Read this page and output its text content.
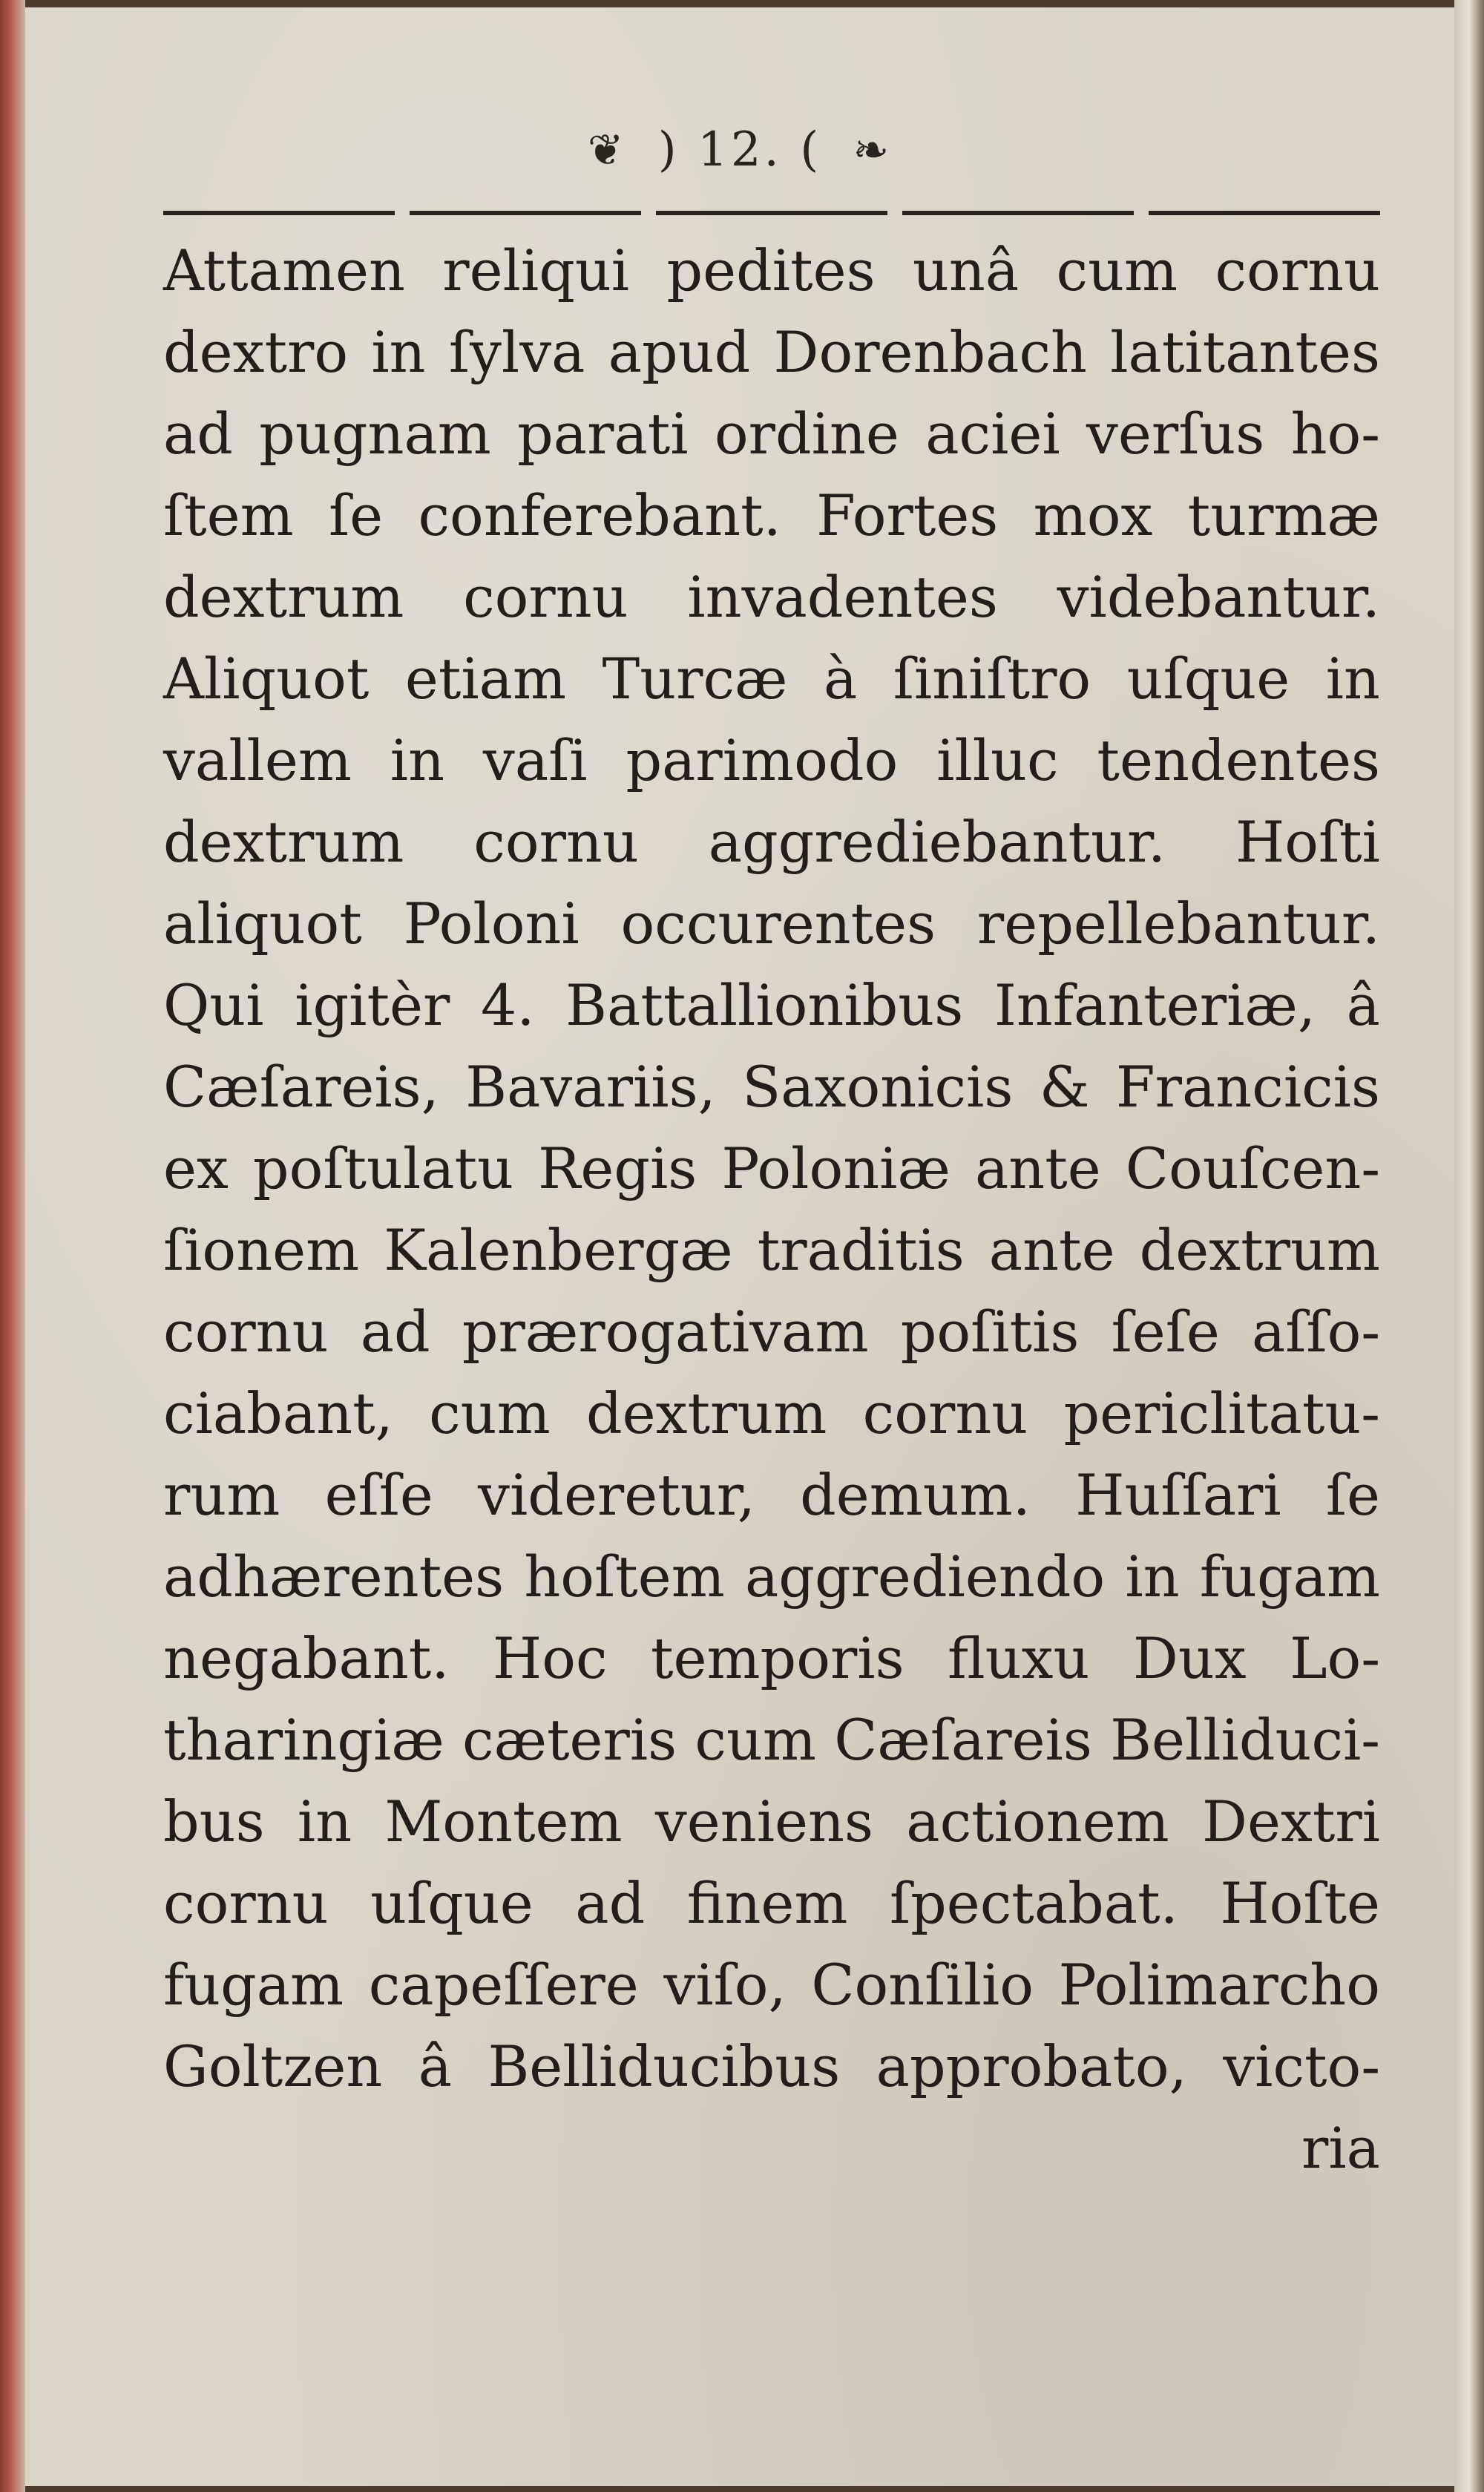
❦ ) 12. ( ❧
Attamen reliqui pedites unâ cum cornu
dextro in ſylva apud Dorenbach latitantes
ad pugnam parati ordine aciei verſus ho-
ſtem ſe conferebant. Fortes mox turmæ
dextrum cornu invadentes videbantur.
Aliquot etiam Turcæ à ſiniſtro uſque in
vallem in vaſi parimodo illuc tendentes
dextrum cornu aggrediebantur. Hoſti
aliquot Poloni occurentes repellebantur.
Qui igitèr 4. Battallionibus Infanteriæ, â
Cæſareis, Bavariis, Saxonicis & Francicis
ex poſtulatu Regis Poloniæ ante Couſcen-
ſionem Kalenbergæ traditis ante dextrum
cornu ad prærogativam poſitis ſeſe aſſo-
ciabant, cum dextrum cornu periclitatu-
rum eſſe videretur, demum. Huſſari ſe
adhærentes hoſtem aggrediendo in fugam
negabant. Hoc temporis fluxu Dux Lo-
tharingiæ cæteris cum Cæſareis Belliduci-
bus in Montem veniens actionem Dextri
cornu uſque ad finem ſpectabat. Hoſte
fugam capeſſere viſo, Conſilio Polimarcho
Goltzen â Belliducibus approbato, victo-
ria
